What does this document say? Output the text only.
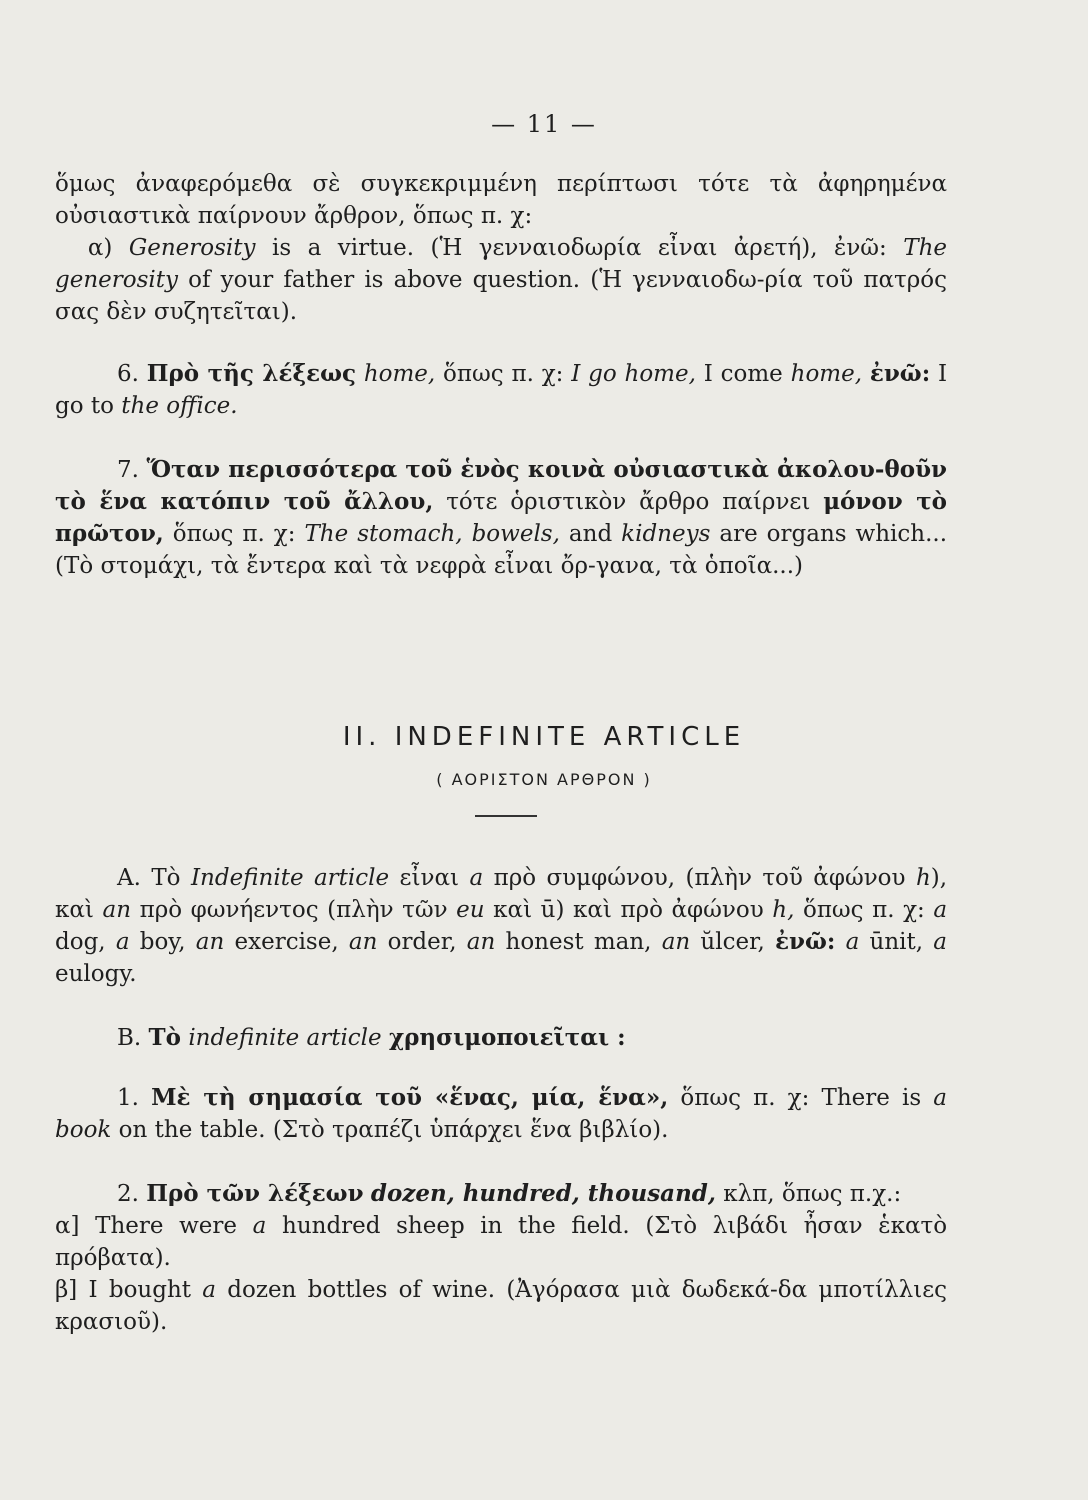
— 11 —
ὅμως ἀναφερόμεθα σὲ συγκεκριμμένη περίπτωσι τότε τὰ ἀφηρημένα οὐσιαστικὰ παίρνουν ἄρθρον, ὅπως π. χ:
α) Generosity is a virtue. (Ἡ γενναιοδωρία εἶναι ἀρετή), ἐνῶ: The generosity of your father is above question. (Ἡ γενναιοδω-ρία τοῦ πατρός σας δὲν συζητεῖται).
6. Πρὸ τῆς λέξεως home, ὅπως π. χ: I go home, I come home, ἐνῶ: I go to the office.
7. Ὅταν περισσότερα τοῦ ἑνὸς κοινὰ οὐσιαστικὰ ἀκολου-θοῦν τὸ ἕνα κατόπιν τοῦ ἄλλου, τότε ὁριστικὸν ἄρθρο παίρνει μόνον τὸ πρῶτον, ὅπως π. χ: The stomach, bowels, and kidneys are organs which... (Τὸ στομάχι, τὰ ἔντερα καὶ τὰ νεφρὰ εἶναι ὄρ-γανα, τὰ ὁποῖα...)
II. INDEFINITE ARTICLE
( ΑΟΡΙΣΤΟΝ ΑΡΘΡΟΝ )
A. Τὸ Indefinite article εἶναι a πρὸ συμφώνου, (πλὴν τοῦ ἀφώνου h), καὶ an πρὸ φωνήεντος (πλὴν τῶν eu καὶ ū) καὶ πρὸ ἀφώνου h, ὅπως π. χ: a dog, a boy, an exercise, an order, an honest man, an ŭlcer, ἐνῶ: a ūnit, a eulogy.
B. Τὸ indefinite article χρησιμοποιεῖται :
1. Μὲ τὴ σημασία τοῦ «ἕνας, μία, ἕνα», ὅπως π. χ: There is a book on the table. (Στὸ τραπέζι ὑπάρχει ἕνα βιβλίο).
2. Πρὸ τῶν λέξεων dozen, hundred, thousand, κλπ, ὅπως π.χ.:
α] There were a hundred sheep in the field. (Στὸ λιβάδι ἦσαν ἑκατὸ πρόβατα).
β] I bought a dozen bottles of wine. (Ἀγόρασα μιὰ δωδεκά-δα μποτίλλιες κρασιοῦ).
